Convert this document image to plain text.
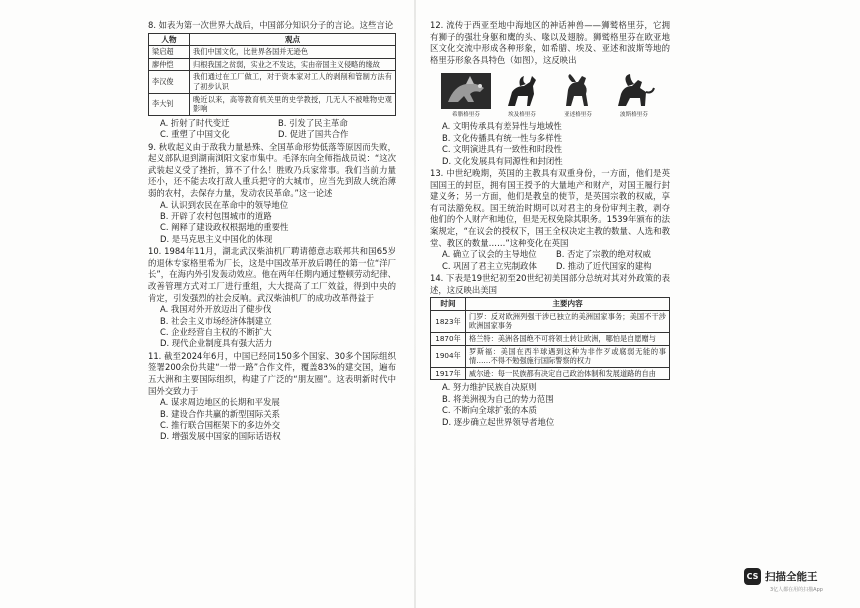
8. 如表为第一次世界大战后，中国部分知识分子的言论。这些言论
人物	观点
梁启超	我们中国文化，比世界各国并无逊色
廖仲恺	归根我国之贫弱，实业之不发达，实由帝国主义侵略的缘故
李汉俊	我们通过在工厂做工，对于资本家对工人的剥削和管制方法有了初步认识
李大钊	晚近以来，高等教育机关里的史学教授，几无人不被唯物史观影响
A. 折射了时代变迁	B. 引发了民主革命
C. 重塑了中国文化	D. 促进了国共合作
9. 秋收起义由于敌我力量悬殊、全国革命形势低落等原因而失败，起义部队退到湖南浏阳文家市集中。毛泽东向全师指战员说：“这次武装起义受了挫折，算不了什么！胜败乃兵家常事。我们当前力量还小，还不能去攻打敌人重兵把守的大城市，应当先到敌人统治薄弱的农村，去保存力量，发动农民革命。”这一论述
A. 认识到农民在革命中的领导地位
B. 开辟了农村包围城市的道路
C. 阐释了建设政权根据地的重要性
D. 是马克思主义中国化的体现
10. 1984年11月，湖北武汉柴油机厂聘请德意志联邦共和国65岁的退休专家格里希为厂长，这是中国改革开放后聘任的第一位“洋厂长”，在海内外引发轰动效应。他在两年任期内通过整顿劳动纪律、改善管理方式对工厂进行重组，大大提高了工厂效益，得到中央的肯定，引发强烈的社会反响。武汉柴油机厂的成功改革得益于
A. 我国对外开放迈出了健步伐
B. 社会主义市场经济体制建立
C. 企业经营自主权的不断扩大
D. 现代企业制度具有强大活力
11. 截至2024年6月，中国已经同150多个国家、30多个国际组织签署200余份共建“一带一路”合作文件，覆盖83%的建交国，遍布五大洲和主要国际组织，构建了广泛的“朋友圈”。这表明新时代中国外交致力于
A. 谋求周边地区的长期和平发展
B. 建设合作共赢的新型国际关系
C. 推行联合国框架下的多边外交
D. 增强发展中国家的国际话语权
12. 流传于西亚至地中海地区的神话神兽——狮鹫格里芬，它拥有狮子的强壮身躯和鹰的头、喙以及翅膀。狮鹫格里芬在欧亚地区文化交流中形成各种形象，如希腊、埃及、亚述和波斯等地的格里芬形象各具特色（如图），这反映出
希腊格里芬	埃及格里芬	亚述格里芬	波斯格里芬
A. 文明传承具有差异性与地域性
B. 文化传播具有统一性与多样性
C. 文明演进具有一致性和时段性
D. 文化发展具有同源性和封闭性
13. 中世纪晚期，英国的主教具有双重身份，一方面，他们是英国国王的封臣，拥有国王授予的大量地产和财产，对国王履行封建义务；另一方面，他们是教皇的使节，是英国宗教的权威，享有司法豁免权。国王统治时期可以对君主的身份审判主教，剥夺他们的个人财产和地位，但是无权免除其职务。1539年颁布的法案规定，“在议会的授权下，国王全权决定主教的数量、人选和教堂、教区的数量……”这种变化在英国
A. 确立了议会的主导地位	B. 否定了宗教的绝对权威
C. 巩固了君主立宪制政体	D. 推动了近代国家的建构
14. 下表是19世纪初至20世纪初美国部分总统对其对外政策的表述，这反映出美国
时间	主要内容
1823年	门罗：反对欧洲列强干涉已独立的美洲国家事务；美国不干涉欧洲国家事务
1870年	格兰特：美洲各国绝不可将领土转让欧洲，哪怕是自愿赠与
1904年	罗斯福：美国在西半球遇到这种为非作歹或腐弱无能的事情……不得不勉强施行国际警察的权力
1917年	威尔逊：每一民族都有决定自己政治体制和发展道路的自由
A. 努力维护民族自决原则
B. 将美洲视为自己的势力范围
C. 不断向全球扩张的本质
D. 逐步确立起世界领导者地位
CS 扫描全能王
3亿人都在用的扫描App
